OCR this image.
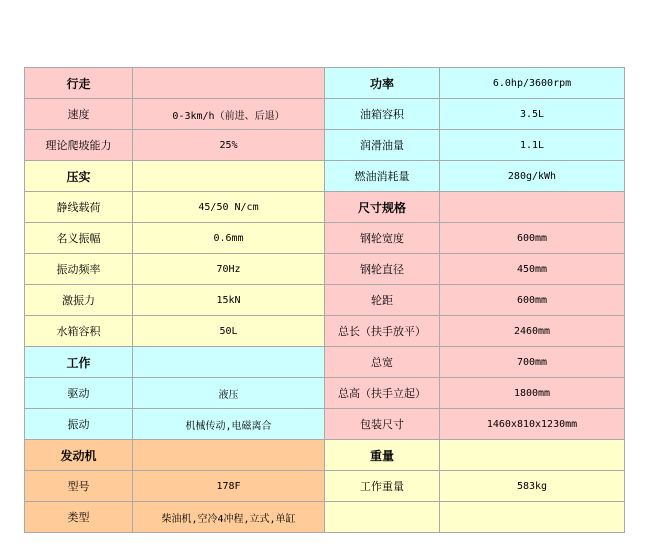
行走		功率	6.0hp/3600rpm
速度	0-3km/h（前进、后退）	油箱容积	3.5L
理论爬坡能力	25%	润滑油量	1.1L
压实		燃油消耗量	280g/kWh
静线载荷	45/50 N/cm	尺寸规格	
名义振幅	0.6mm	钢轮宽度	600mm
振动频率	70Hz	钢轮直径	450mm
激振力	15kN	轮距	600mm
水箱容积	50L	总长（扶手放平）	2460mm
工作		总宽	700mm
驱动	液压	总高（扶手立起）	1800mm
振动	机械传动,电磁离合	包装尺寸	1460x810x1230mm
发动机		重量	
型号	178F	工作重量	583kg
类型	柴油机,空冷4冲程,立式,单缸		
